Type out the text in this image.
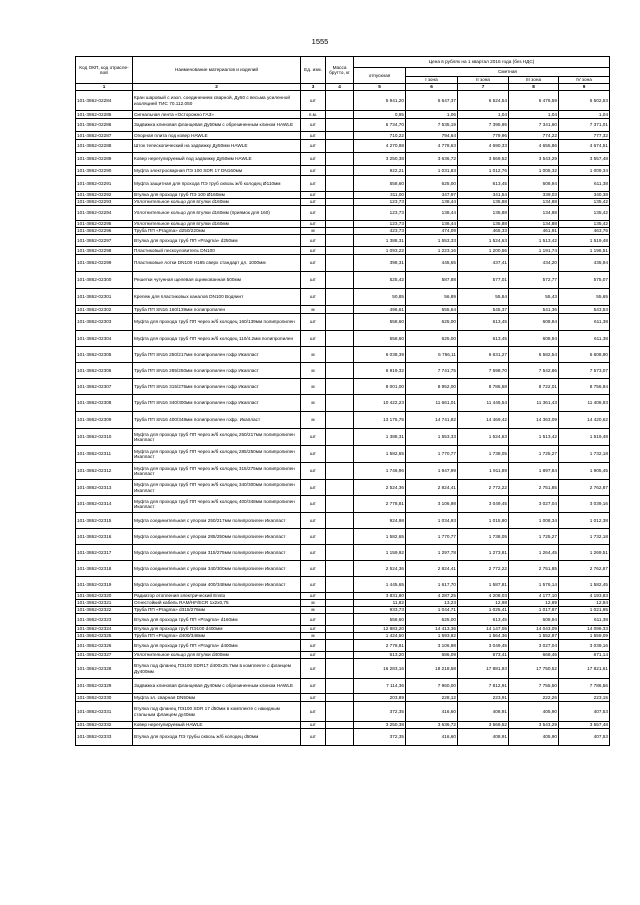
1555
Код ОКП, код отраслевой	Наименование материалов и изделий	Ед. изм.	Масса брутто, кг	Цена в рублях на 1 квартал 2016 года (без НДС)				
				отпускная	Сметная			
					I зона	II зона	III зона	IV зона
1	2	3	4	5	6	7	8	9
101-3862-02284	Кран шаровый с изол. соединением сварной, Ду50 с весьма усиленной изоляцией ТИС 70.112.050	шт		5 941,20	6 647,37	6 524,54	6 476,59	6 502,53
101-3862-02285	Сигнальная лента «Осторожно ГАЗ»	п.м.		0,95	1,06	1,04	1,04	1,04
101-3862-02286	Задвижка клиновая фланцевая Ду50мм с обрезиненным клином HAWLE	шт		6 734,70	7 535,19	7 395,95	7 341,60	7 371,01
101-3862-02287	Опорная плита под ковер HAWLE	шт		710,22	794,64	779,96	774,22	777,32
101-3862-02288	Шток телескопический на задвижку Ду50мм HAWLE	шт		4 270,98	4 778,63	4 690,33	4 655,86	4 674,51
101-3862-02289	Ковер нерегулируемый под задвижку Ду50мм HAWLE	шт		3 250,38	3 636,72	3 569,52	3 543,29	3 557,48
101-3862-02290	Муфта электросварная ПЭ 100 SDR 17 DN160мм	шт		922,21	1 031,83	1 012,76	1 005,32	1 009,34
101-3862-02291	Муфта защитная для прохода ПЭ труб сквозь ж/б колодец Ø110мм	шт		558,60	625,00	613,45	608,94	611,38
101-3862-02292	Втулка для прохода труб ПЭ 100 Ø160мм	шт		311,00	347,97	341,54	339,03	340,38
101-3862-02293	Уплотнительное кольцо для втулки d160мм	шт		123,73	138,44	135,88	134,88	135,42
101-3862-02294	Уплотнительное кольцо для втулки d160мм (приямок для 160)	шт		123,73	138,44	135,88	134,88	135,42
101-3862-02295	Уплотнительное кольцо для втулки d160мм	шт		123,73	138,44	135,88	134,88	135,42
101-3862-02296	Труба ПП «Pragma» d250/220мм	м		423,73	474,09	465,33	461,91	463,76
101-3862-02297	Втулка для прохода труб ПП «Pragma» d250мм	шт		1 388,31	1 553,33	1 524,63	1 513,42	1 519,48
101-3862-02298	Пластиковый пескоуловитель DN100	шт		1 093,22	1 223,16	1 200,56	1 191,74	1 196,51
101-3862-02299	Пластиковые лотки DN100 H185 сверх стандарт дл. 1000мм	шт		398,31	445,65	437,41	434,20	435,94
101-3862-02300	Решетки чугунная щелевая оцинкованная 500мм	шт		525,42	587,88	577,01	572,77	575,07
101-3862-02301	Крепеж для пластиковых каналов DN100 Водяинт	шт		50,85	56,89	55,84	55,43	55,65
101-3862-02302	Труба ПП SN16 160/139мм полипропилен	м		496,61	555,64	545,37	541,36	543,53
101-3862-02303	Муфта для прохода труб ПП через ж/б колодец 160/139мм полипропилен	шт		558,60	625,00	613,45	608,94	611,38
101-3862-02304	Муфта для прохода труб ПП через ж/б колодец 110/4.2мм полипропилен	шт		558,60	625,00	613,45	608,94	611,38
101-3862-02305	Труба ПП SN16 250/217мм полипропилен гофр Икапласт	м		6 038,39	6 756,11	6 631,27	6 582,54	6 608,90
101-3862-02306	Труба ПП SN16 285/250мм полипропилен гофр Икапласт	м		6 919,32	7 741,75	7 598,70	7 542,86	7 573,07
101-3862-02307	Труба ПП SN16 315/275мм полипропилен гофр Икапласт	м		8 001,00	8 952,00	8 786,58	8 722,01	8 756,94
101-3862-02308	Труба ПП SN16 340/300мм полипропилен гофр Икапласт	м		10 422,23	11 661,01	11 445,54	11 361,43	11 406,93
101-3862-02309	Труба ПП SN16 400/348мм полипропилен гофр. Икапласт	м		13 175,75	14 741,82	14 469,42	14 363,09	14 420,62
101-3862-02310	Муфта для прохода труб ПП через ж/б колодец 250/217мм полипропилен Икапласт	шт		1 388,31	1 553,33	1 524,63	1 513,42	1 519,48
101-3862-02311	Муфта для прохода труб ПП через ж/б колодец 285/250мм полипропилен Икапласт	шт		1 582,65	1 770,77	1 738,05	1 725,27	1 732,18
101-3862-02312	Муфта для прохода труб ПП через ж/б колодец 315/275мм полипропилен Икапласт	шт		1 746,96	1 947,99	1 911,89	1 897,84	1 905,45
101-3862-02313	Муфта для прохода труб ПП через ж/б колодец 340/300мм полипропилен Икапласт	шт		2 524,36	2 824,41	2 772,22	2 751,85	2 762,87
101-3862-02314	Муфта для прохода труб ПП через ж/б колодец 400/348мм полипропилен Икапласт	шт		2 778,81	3 106,98	3 049,45	3 027,04	3 039,16
101-3862-02315	Муфта соединительная с упором 250/217мм полипропилен Икапласт	шт		924,98	1 034,93	1 015,80	1 008,34	1 012,38
101-3862-02316	Муфта соединительная с упором 285/250мм полипропилен Икапласт	шт		1 582,65	1 770,77	1 738,05	1 725,27	1 732,18
101-3862-02317	Муфта соединительная с упором 315/275мм полипропилен Икапласт	шт		1 159,92	1 297,78	1 273,81	1 264,45	1 269,51
101-3862-02318	Муфта соединительная с упором 340/300мм полипропилен Икапласт	шт		2 524,36	2 824,41	2 772,22	2 751,85	2 762,87
101-3862-02319	Муфта соединительная с упором 400/348мм полипропилен Икапласт	шт		1 445,65	1 617,70	1 587,81	1 576,14	1 582,45
101-3862-02320	Радиатор отопления электрический Ensto	шт		3 831,80	4 287,25	4 208,03	4 177,10	4 193,83
101-3862-02321	Огнестойкий кабель RAM/HF/ECR 1x2x0,75	м		11,82	13,23	12,98	12,89	12,94
101-3862-02322	Труба ПП «Pragma» d315/276мм	м		933,73	1 044,71	1 025,41	1 017,87	1 021,95
101-3862-02323	Втулка для прохода труб ПП «Pragma» d160мм	шт		558,60	625,00	613,45	608,94	611,38
101-3862-02324	Втулка для прохода труб ПЭ100 d400мм	шт		12 883,20	14 413,36	14 147,05	14 043,09	14 099,33
101-3862-02325	Труба ПП «Pragma» d400/348мм	м		1 424,50	1 593,82	1 564,36	1 552,87	1 559,09
101-3862-02326	Втулка для прохода труб ПП «Pragma» d400мм	шт		2 778,81	3 106,98	3 049,45	3 027,04	3 039,16
101-3862-02327	Уплотнительное кольцо для втулки d400мм	шт		613,20	686,09	673,41	668,46	671,14
101-3862-02328	Втулка под фланец ПЭ100 SDR17 d400х25.7мм в комплекте с фланцем Ду400мм	шт		16 283,16	18 218,58	17 881,93	17 750,52	17 821,61
101-3862-02329	Задвижка клиновая фланцевая Ду40мм с обрезиненным клином HAWLE	шт		7 114,36	7 960,00	7 812,91	7 755,50	7 786,56
101-3862-02330	Муфта эл. сварная DN50мм	шт		203,89	228,12	223,91	222,26	223,15
101-3862-02331	Втулка под фланец ПЭ100 SDR 17 d50мм в комплекте с накидным стальным фланцем ду40мм	шт		372,35	416,60	408,91	405,90	407,53
101-3862-02332	Ковер нерегулируемый HAWLE	шт		3 250,38	3 636,72	3 569,52	3 543,29	3 557,48
101-3862-02333	Втулка для прохода ПЭ трубы сквозь ж/б колодец d50мм	шт		372,35	416,60	408,91	405,90	407,53
